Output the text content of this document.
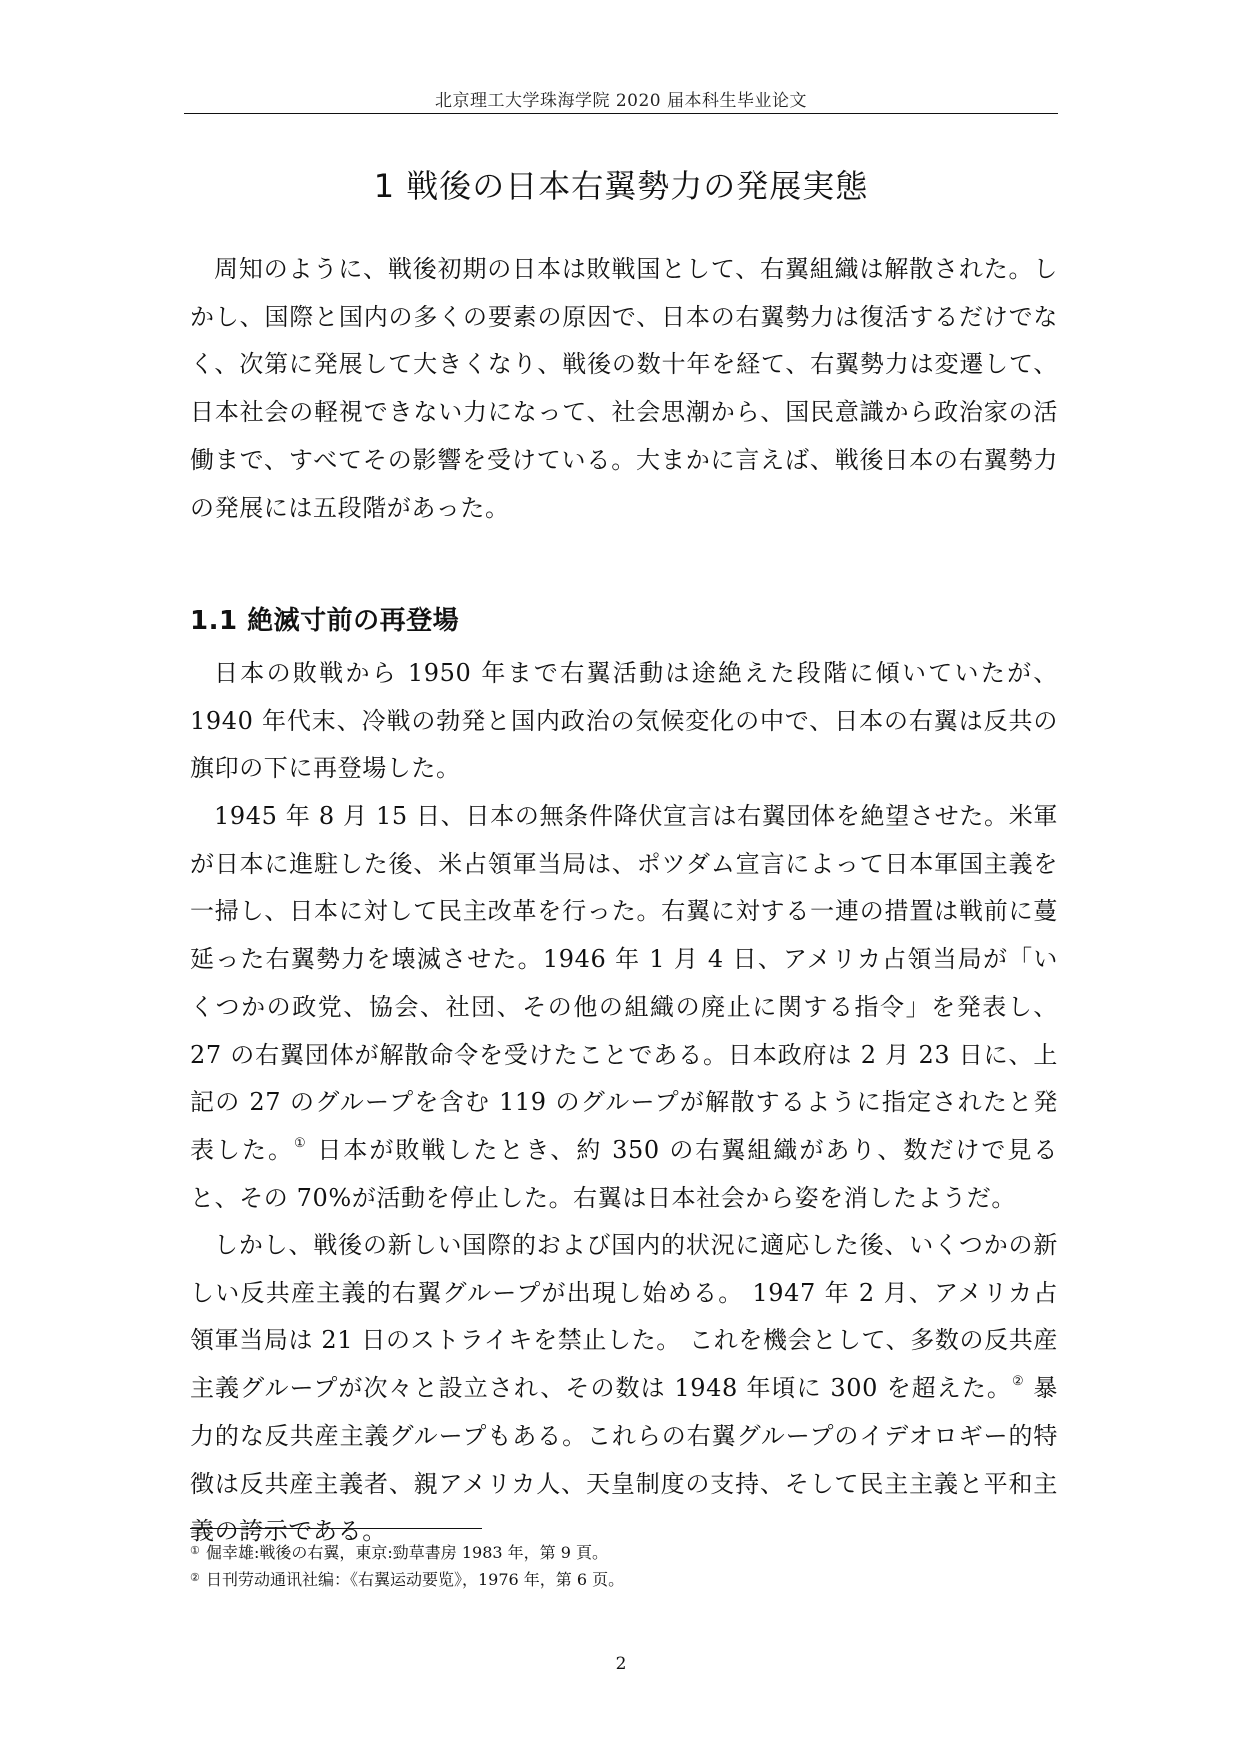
北京理工大学珠海学院 2020 届本科生毕业论文
1 戦後の日本右翼勢力の発展実態

周知のように、戦後初期の日本は敗戦国として、右翼組織は解散された。しかし、国際と国内の多くの要素の原因で、日本の右翼勢力は復活するだけでなく、次第に発展して大きくなり、戦後の数十年を経て、右翼勢力は変遷して、日本社会の軽視できない力になって、社会思潮から、国民意識から政治家の活働まで、すべてその影響を受けている。大まかに言えば、戦後日本の右翼勢力の発展には五段階があった。

1.1 絶滅寸前の再登場

日本の敗戦から 1950 年まで右翼活動は途絶えた段階に傾いていたが、1940 年代末、冷戦の勃発と国内政治の気候変化の中で、日本の右翼は反共の旗印の下に再登場した。

1945 年 8 月 15 日、日本の無条件降伏宣言は右翼団体を絶望させた。米軍が日本に進駐した後、米占領軍当局は、ポツダム宣言によって日本軍国主義を一掃し、日本に対して民主改革を行った。右翼に対する一連の措置は戦前に蔓延った右翼勢力を壊滅させた。1946 年 1 月 4 日、アメリカ占領当局が「いくつかの政党、協会、社団、その他の組織の廃止に関する指令」を発表し、27 の右翼団体が解散命令を受けたことである。日本政府は 2 月 23 日に、上記の 27 のグループを含む 119 のグループが解散するように指定されたと発表した。① 日本が敗戦したとき、約 350 の右翼組織があり、数だけで見ると、その 70%が活動を停止した。右翼は日本社会から姿を消したようだ。

しかし、戦後の新しい国際的および国内的状況に適応した後、いくつかの新しい反共産主義的右翼グループが出現し始める。 1947 年 2 月、アメリカ占領軍当局は 21 日のストライキを禁止した。 これを機会として、多数の反共産主義グループが次々と設立され、その数は 1948 年頃に 300 を超えた。② 暴力的な反共産主義グループもある。これらの右翼グループのイデオロギー的特徴は反共産主義者、親アメリカ人、天皇制度の支持、そして民主主義と平和主義の誇示である。

① 倔幸雄:戦後の右翼，東京:勁草書房 1983 年，第 9 頁。
② 日刊劳动通讯社编：《右翼运动要览》，1976 年，第 6 页。
2
